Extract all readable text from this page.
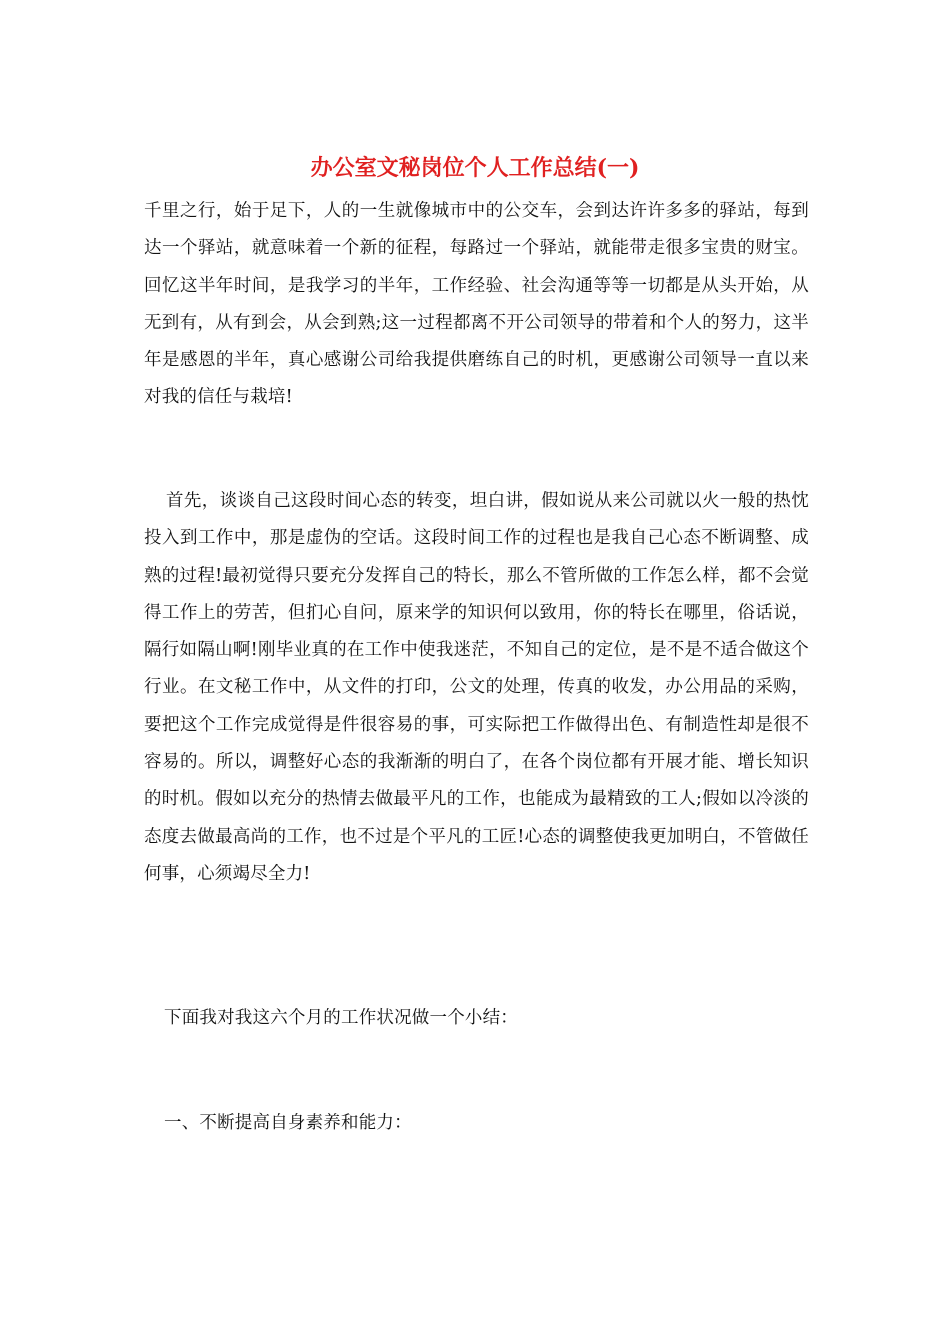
办公室文秘岗位个人工作总结(一)

千里之行，始于足下，人的一生就像城市中的公交车，会到达许许多多的驿站，每到达一个驿站，就意味着一个新的征程，每路过一个驿站，就能带走很多宝贵的财宝。回忆这半年时间，是我学习的半年，工作经验、社会沟通等等一切都是从头开始，从无到有，从有到会，从会到熟;这一过程都离不开公司领导的带着和个人的努力，这半年是感恩的半年，真心感谢公司给我提供磨练自己的时机，更感谢公司领导一直以来对我的信任与栽培!

首先，谈谈自己这段时间心态的转变，坦白讲，假如说从来公司就以火一般的热忱投入到工作中，那是虚伪的空话。这段时间工作的过程也是我自己心态不断调整、成熟的过程!最初觉得只要充分发挥自己的特长，那么不管所做的工作怎么样，都不会觉得工作上的劳苦，但扪心自问，原来学的知识何以致用，你的特长在哪里，俗话说，隔行如隔山啊!刚毕业真的在工作中使我迷茫，不知自己的定位，是不是不适合做这个行业。在文秘工作中，从文件的打印，公文的处理，传真的收发，办公用品的采购，要把这个工作完成觉得是件很容易的事，可实际把工作做得出色、有制造性却是很不容易的。所以，调整好心态的我渐渐的明白了，在各个岗位都有开展才能、增长知识的时机。假如以充分的热情去做最平凡的工作，也能成为最精致的工人;假如以冷淡的态度去做最高尚的工作，也不过是个平凡的工匠!心态的调整使我更加明白，不管做任何事，心须竭尽全力!

下面我对我这六个月的工作状况做一个小结：

一、不断提高自身素养和能力：
